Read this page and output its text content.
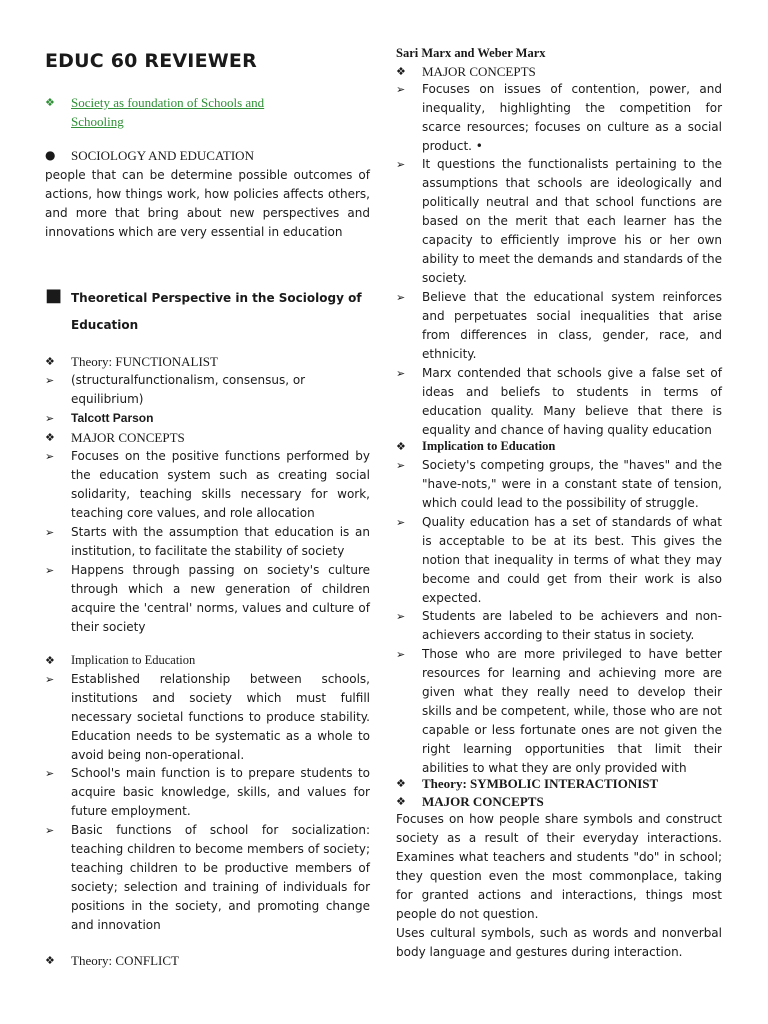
EDUC 60 REVIEWER
❖	Society as foundation of Schools and
Schooling
●	SOCIOLOGY AND EDUCATION
people that can be determine possible outcomes of actions, how things work, how policies affects others, and more that bring about new perspectives and innovations which are very essential in education
■ Theoretical Perspective in the Sociology of
Education
❖	Theory: FUNCTIONALIST
➢	(structuralfunctionalism, consensus, or equilibrium)
➢	Talcott Parson
❖	MAJOR CONCEPTS
➢	Focuses on the positive functions performed by the education system such as creating social solidarity, teaching skills necessary for work, teaching core values, and role allocation
➢	Starts with the assumption that education is an institution, to facilitate the stability of society
➢	Happens through passing on society's culture through which a new generation of children acquire the 'central' norms, values and culture of their society
❖	Implication to Education
➢	Established relationship between schools, institutions and society which must fulfill necessary societal functions to produce stability. Education needs to be systematic as a whole to avoid being non-operational.
➢	School's main function is to prepare students to acquire basic knowledge, skills, and values for future employment.
➢	Basic functions of school for socialization: teaching children to become members of society; teaching children to be productive members of society; selection and training of individuals for positions in the society, and promoting change and innovation
❖	Theory: CONFLICT
Sari Marx and Weber Marx
❖	MAJOR CONCEPTS
➢	Focuses on issues of contention, power, and inequality, highlighting the competition for scarce resources; focuses on culture as a social product. •
➢	It questions the functionalists pertaining to the assumptions that schools are ideologically and politically neutral and that school functions are based on the merit that each learner has the capacity to efficiently improve his or her own ability to meet the demands and standards of the society.
➢	Believe that the educational system reinforces and perpetuates social inequalities that arise from differences in class, gender, race, and ethnicity.
➢	Marx contended that schools give a false set of ideas and beliefs to students in terms of education quality. Many believe that there is equality and chance of having quality education
❖	Implication to Education
➢	Society's competing groups, the "haves" and the "have-nots," were in a constant state of tension, which could lead to the possibility of struggle.
➢	Quality education has a set of standards of what is acceptable to be at its best. This gives the notion that inequality in terms of what they may become and could get from their work is also expected.
➢	Students are labeled to be achievers and non-achievers according to their status in society.
➢	Those who are more privileged to have better resources for learning and achieving more are given what they really need to develop their skills and be competent, while, those who are not capable or less fortunate ones are not given the right learning opportunities that limit their abilities to what they are only provided with
❖	Theory: SYMBOLIC INTERACTIONIST
❖	MAJOR CONCEPTS
Focuses on how people share symbols and construct society as a result of their everyday interactions. Examines what teachers and students "do" in school; they question even the most commonplace, taking for granted actions and interactions, things most people do not question.
Uses cultural symbols, such as words and nonverbal body language and gestures during interaction.
